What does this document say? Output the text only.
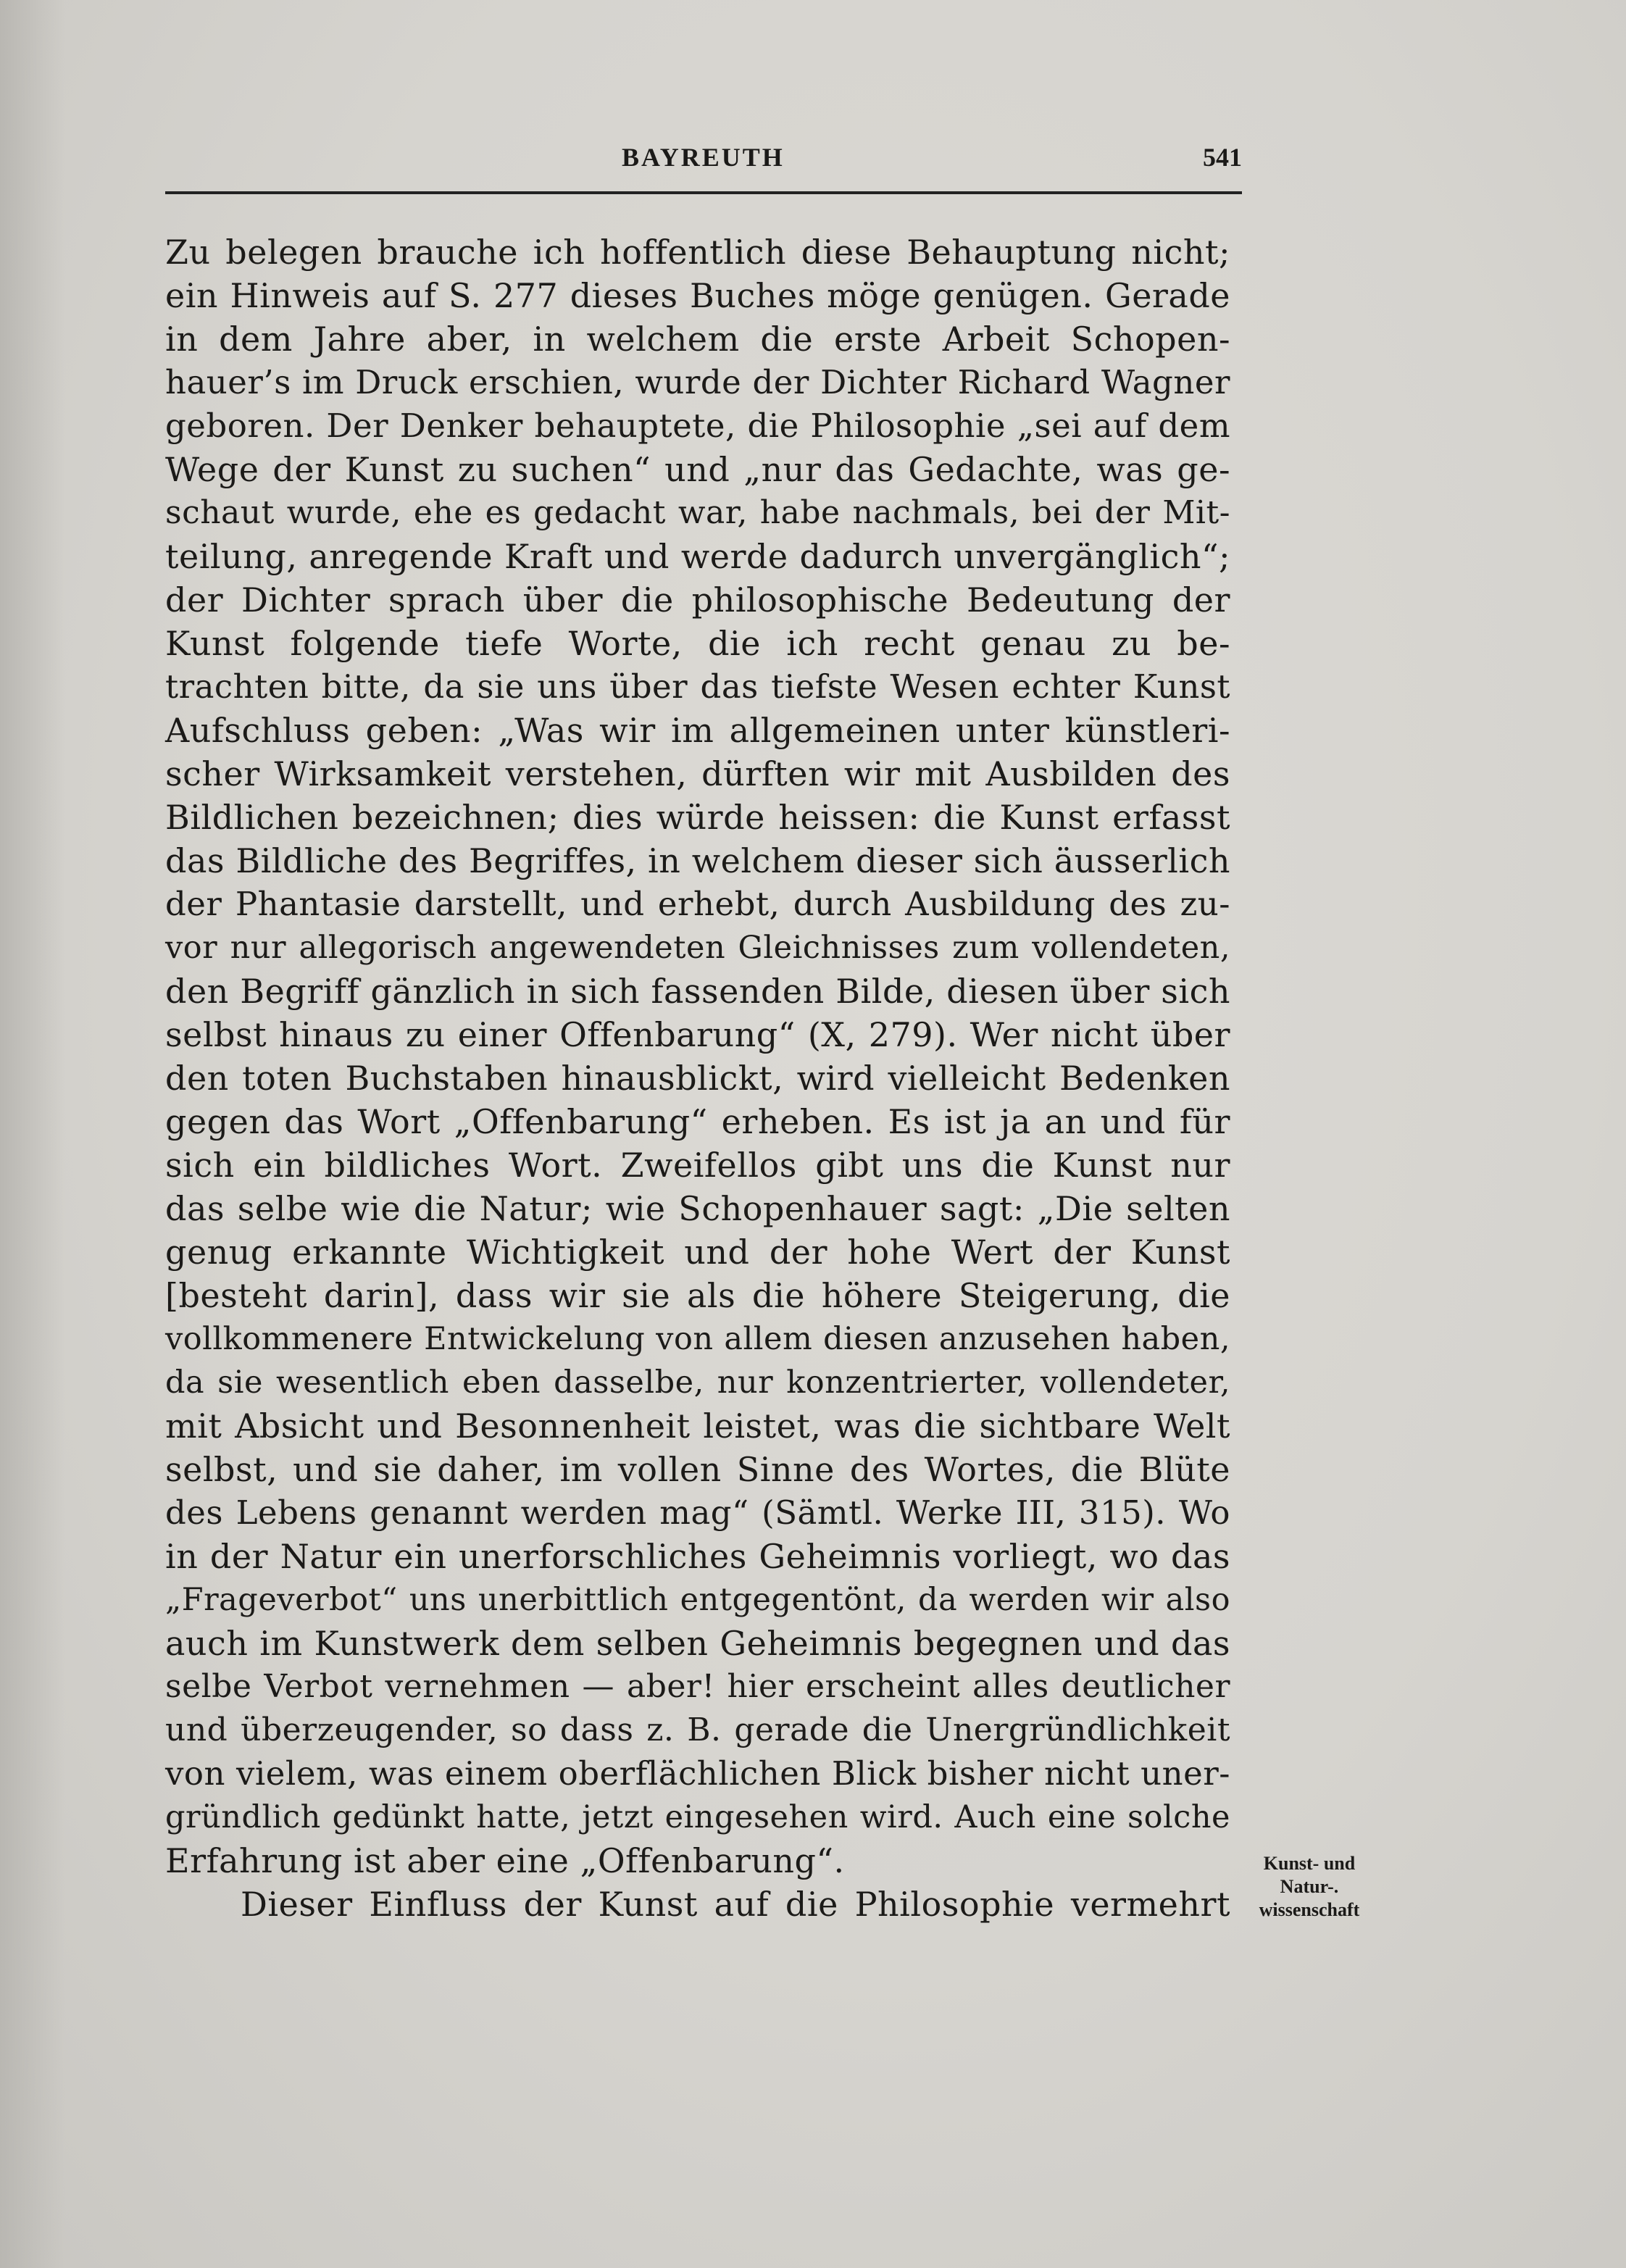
BAYREUTH	541
Zu belegen brauche ich hoffentlich diese Behauptung nicht;
ein Hinweis auf S. 277 dieses Buches möge genügen. Gerade
in dem Jahre aber, in welchem die erste Arbeit Schopen-
hauer’s im Druck erschien, wurde der Dichter Richard Wagner
geboren. Der Denker behauptete, die Philosophie „sei auf dem
Wege der Kunst zu suchen“ und „nur das Gedachte, was ge-
schaut wurde, ehe es gedacht war, habe nachmals, bei der Mit-
teilung, anregende Kraft und werde dadurch unvergänglich“;
der Dichter sprach über die philosophische Bedeutung der
Kunst folgende tiefe Worte, die ich recht genau zu be-
trachten bitte, da sie uns über das tiefste Wesen echter Kunst
Aufschluss geben: „Was wir im allgemeinen unter künstleri-
scher Wirksamkeit verstehen, dürften wir mit Ausbilden des
Bildlichen bezeichnen; dies würde heissen: die Kunst erfasst
das Bildliche des Begriffes, in welchem dieser sich äusserlich
der Phantasie darstellt, und erhebt, durch Ausbildung des zu-
vor nur allegorisch angewendeten Gleichnisses zum vollendeten,
den Begriff gänzlich in sich fassenden Bilde, diesen über sich
selbst hinaus zu einer Offenbarung“ (X, 279). Wer nicht über
den toten Buchstaben hinausblickt, wird vielleicht Bedenken
gegen das Wort „Offenbarung“ erheben. Es ist ja an und für
sich ein bildliches Wort. Zweifellos gibt uns die Kunst nur
das selbe wie die Natur; wie Schopenhauer sagt: „Die selten
genug erkannte Wichtigkeit und der hohe Wert der Kunst
[besteht darin], dass wir sie als die höhere Steigerung, die
vollkommenere Entwickelung von allem diesen anzusehen haben,
da sie wesentlich eben dasselbe, nur konzentrierter, vollendeter,
mit Absicht und Besonnenheit leistet, was die sichtbare Welt
selbst, und sie daher, im vollen Sinne des Wortes, die Blüte
des Lebens genannt werden mag“ (Sämtl. Werke III, 315). Wo
in der Natur ein unerforschliches Geheimnis vorliegt, wo das
„Frageverbot“ uns unerbittlich entgegentönt, da werden wir also
auch im Kunstwerk dem selben Geheimnis begegnen und das
selbe Verbot vernehmen — aber! hier erscheint alles deutlicher
und überzeugender, so dass z. B. gerade die Unergründlichkeit
von vielem, was einem oberflächlichen Blick bisher nicht uner-
gründlich gedünkt hatte, jetzt eingesehen wird. Auch eine solche
Erfahrung ist aber eine „Offenbarung“.
Dieser Einfluss der Kunst auf die Philosophie vermehrt
Kunst- und
Natur-.
wissenschaft
